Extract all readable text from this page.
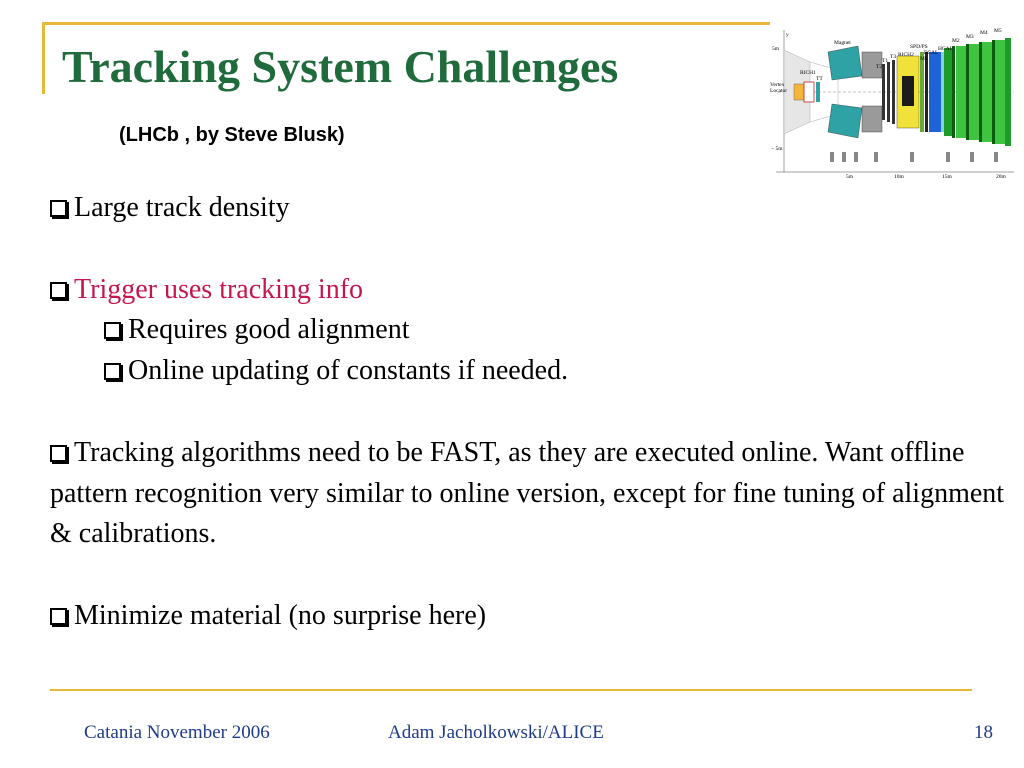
Tracking System Challenges
(LHCb , by Steve Blusk)
y
5m
− 5m
5m	10m	15m	20m
Magnet
RICH1
Vertex
Locator
TT
T1
T2
T3 RICH2
SPD/PS
ECAL
HCAL
M1
M2
M3
M4 M5
Large track density
Trigger uses tracking info
Requires good alignment
Online updating of constants if needed.
Tracking algorithms need to be FAST, as they are executed online. Want offline pattern recognition very similar to online version, except for fine tuning of alignment & calibrations.
Minimize material (no surprise here)
Catania November 2006	Adam Jacholkowski/ALICE	18
